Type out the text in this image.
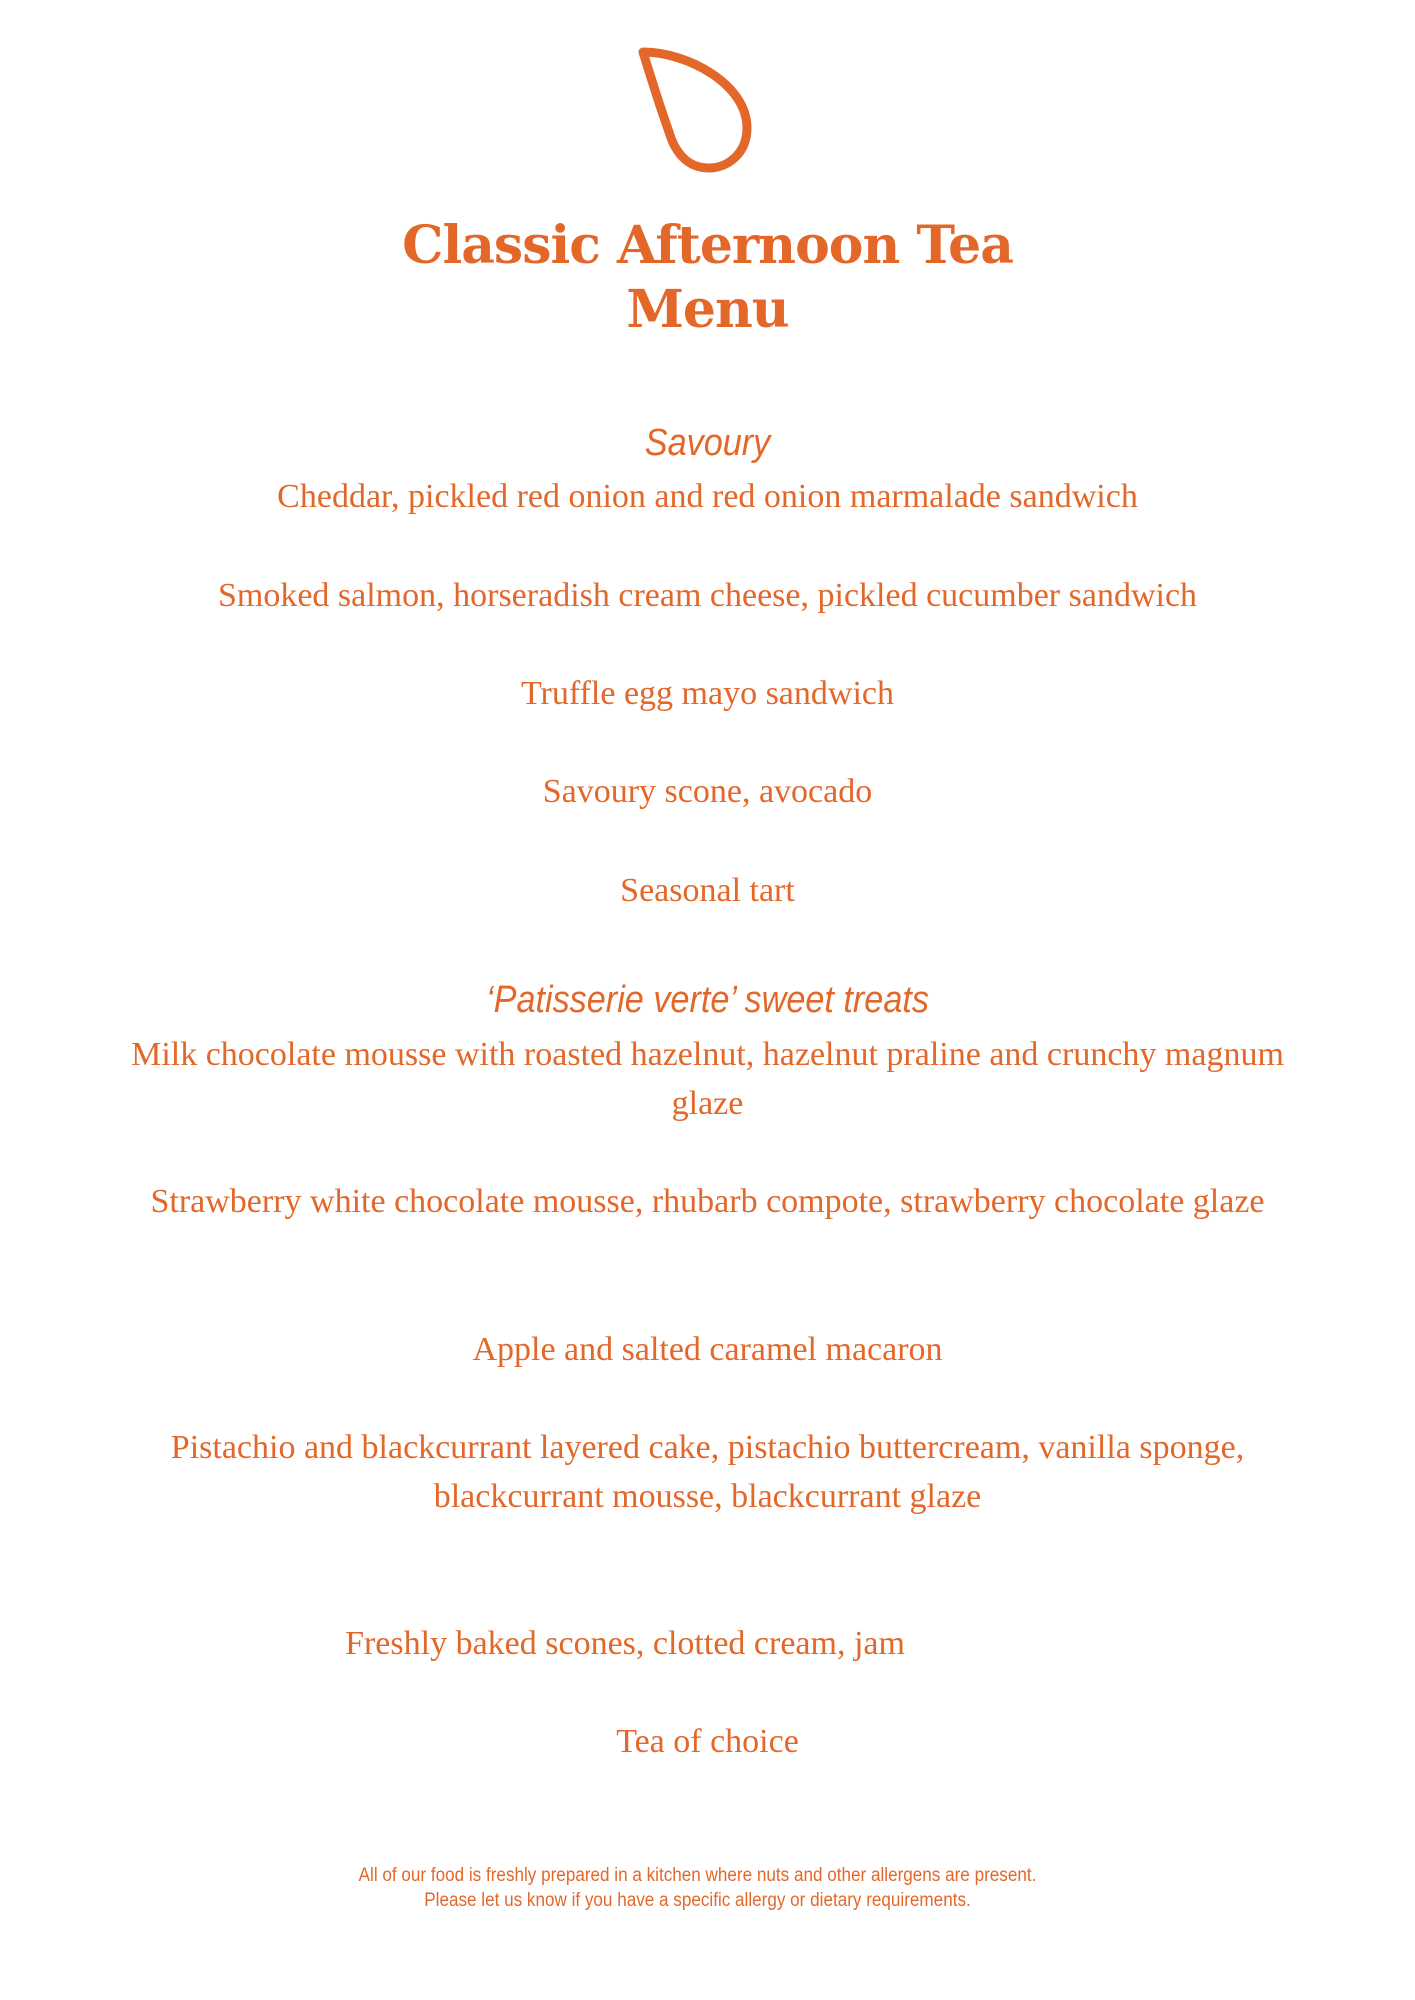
Classic Afternoon Tea
Menu
Savoury

Cheddar, pickled red onion and red onion marmalade sandwich

Smoked salmon, horseradish cream cheese, pickled cucumber sandwich

Truffle egg mayo sandwich

Savoury scone, avocado

Seasonal tart

‘Patisserie verte’ sweet treats

Milk chocolate mousse with roasted hazelnut, hazelnut praline and crunchy magnum glaze

Strawberry white chocolate mousse, rhubarb compote, strawberry chocolate glaze

Apple and salted caramel macaron

Pistachio and blackcurrant layered cake, pistachio buttercream, vanilla sponge, blackcurrant mousse, blackcurrant glaze

Freshly baked scones, clotted cream, jam

Tea of choice

All of our food is freshly prepared in a kitchen where nuts and other allergens are present.
Please let us know if you have a specific allergy or dietary requirements.
